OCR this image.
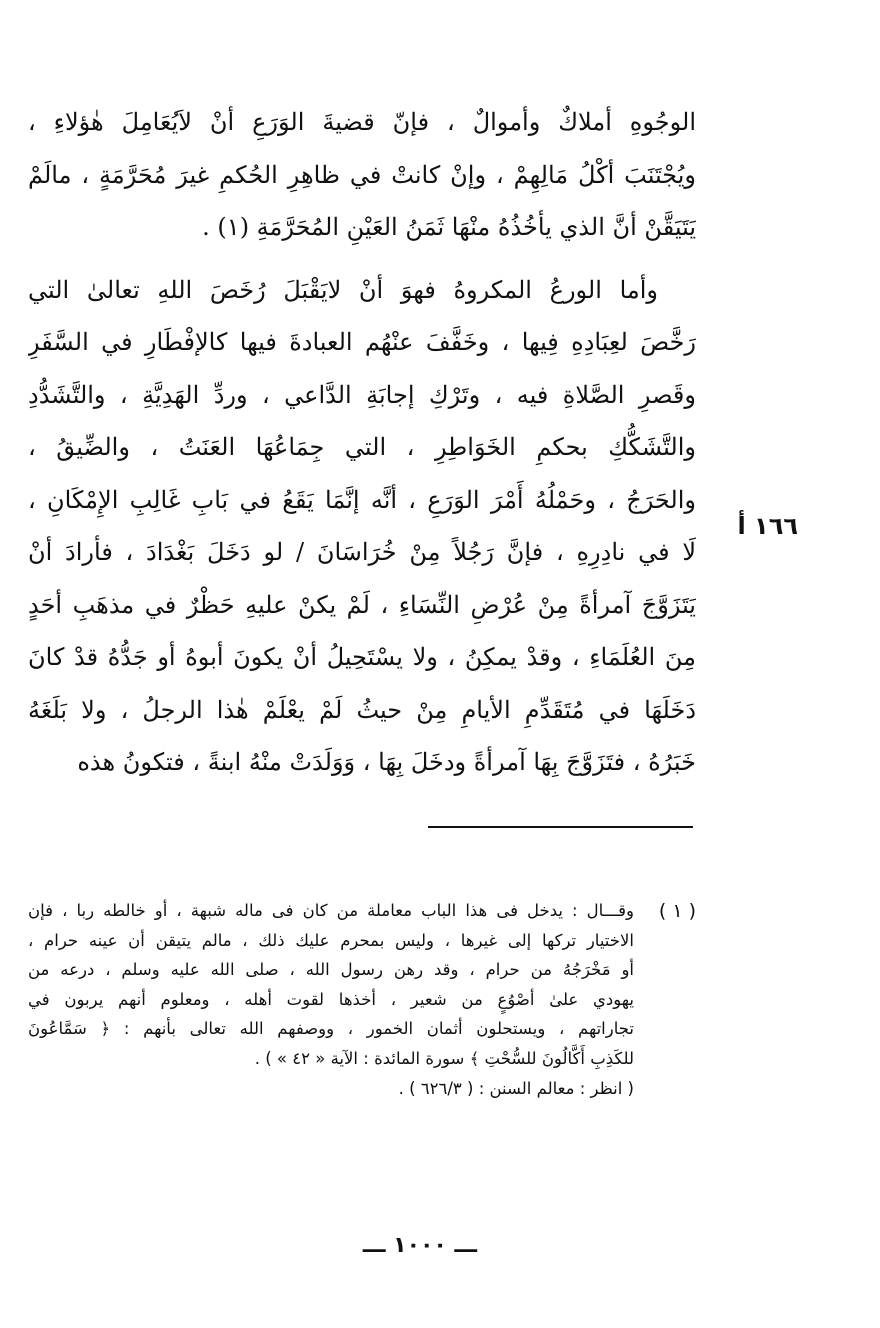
الوجُوهِ أملاكٌ وأموالٌ ، فإنّ قضيةَ الوَرَعِ أنْ لاَيُعَامِلَ هٰؤلاءِ ،
ويُجْتَنَبَ أكْلُ مَالِهِمْ ، وإنْ كانتْ في ظاهِرِ الحُكمِ غيرَ مُحَرَّمَةٍ ، مالَمْ
يَتَيَقَّنْ أنَّ الذي يأخُذُهُ منْهَا ثَمَنُ العَيْنِ المُحَرَّمَةِ (١) .
وأما الورعُ المكروهُ فهوَ أنْ لايَقْبَلَ رُخَصَ اللهِ تعالىٰ التي
رَخَّصَ لعِبَادِهِ فِيها ، وخَفَّفَ عنْهُم العبادةَ فيها كالإفْطَارِ في السَّفَرِ
وقَصرِ الصَّلاةِ فيه ، وتَرْكِ إجابَةِ الدَّاعي ، وردِّ الهَدِيَّةِ ، والتَّشَدُّدِ
والتَّشَكُّكِ بحكمِ الخَوَاطِرِ ، التي جِمَاعُهَا العَنَتُ ، والضِّيقُ ،
والحَرَجُ ، وحَمْلُهُ أَمْرَ الوَرَعِ ، أنَّه إنَّمَا يَقَعُ في بَابِ غَالِبِ الإِمْكَانِ ،
لَا في نادِرِهِ ، فإنَّ رَجُلاً مِنْ خُرَاسَانَ / لو دَخَلَ بَغْدَادَ ، فأرادَ أنْ
يَتَزَوَّجَ آمرأةً مِنْ عُرْضِ النِّسَاءِ ، لَمْ يكنْ عليهِ حَظْرٌ في مذهَبِ أحَدٍ
مِنَ العُلَمَاءِ ، وقدْ يمكِنُ ، ولا يسْتَحِيلُ أنْ يكونَ أبوهُ أو جَدُّهُ قدْ كانَ
دَخَلَهَا في مُتَقَدِّمِ الأيامِ مِنْ حيثُ لَمْ يعْلَمْ هٰذا الرجلُ ، ولا بَلَغَهُ
خَبَرُهُ ، فتَزَوَّجَ بِهَا آمرأةً ودخَلَ بِهَا ، وَوَلَدَتْ منْهُ ابنةً ، فتكونُ هذه
١٦٦ أ
( ١ )
وقـــال : يدخل فى هذا الباب معاملة من كان فى ماله شبهة ، أو خالطه ربا ، فإن
الاختيار تركها إلى غيرها ، وليس بمحرم عليك ذلك ، مالم يتيقن أن عينه حرام ،
أو مَخْرَجُهُ من حرام ، وقد رهن رسول الله ، صلى الله عليه وسلم ، درعه من
يهودي علىٰ أصْوُعٍ من شعير ، أخذها لقوت أهله ، ومعلوم أنهم يربون في
تجاراتهم ، ويستحلون أثمان الخمور ، ووصفهم الله تعالى بأنهم : ﴿ سَمَّاعُونَ
للكَذِبِ أَكَّالُونَ للسُّحْتِ ﴾ سورة المائدة : الآية « ٤٢ » ) .
( انظر : معالم السنن : ( ٦٢٦/٣ ) .
ـــ ١٠٠٠ ـــ
